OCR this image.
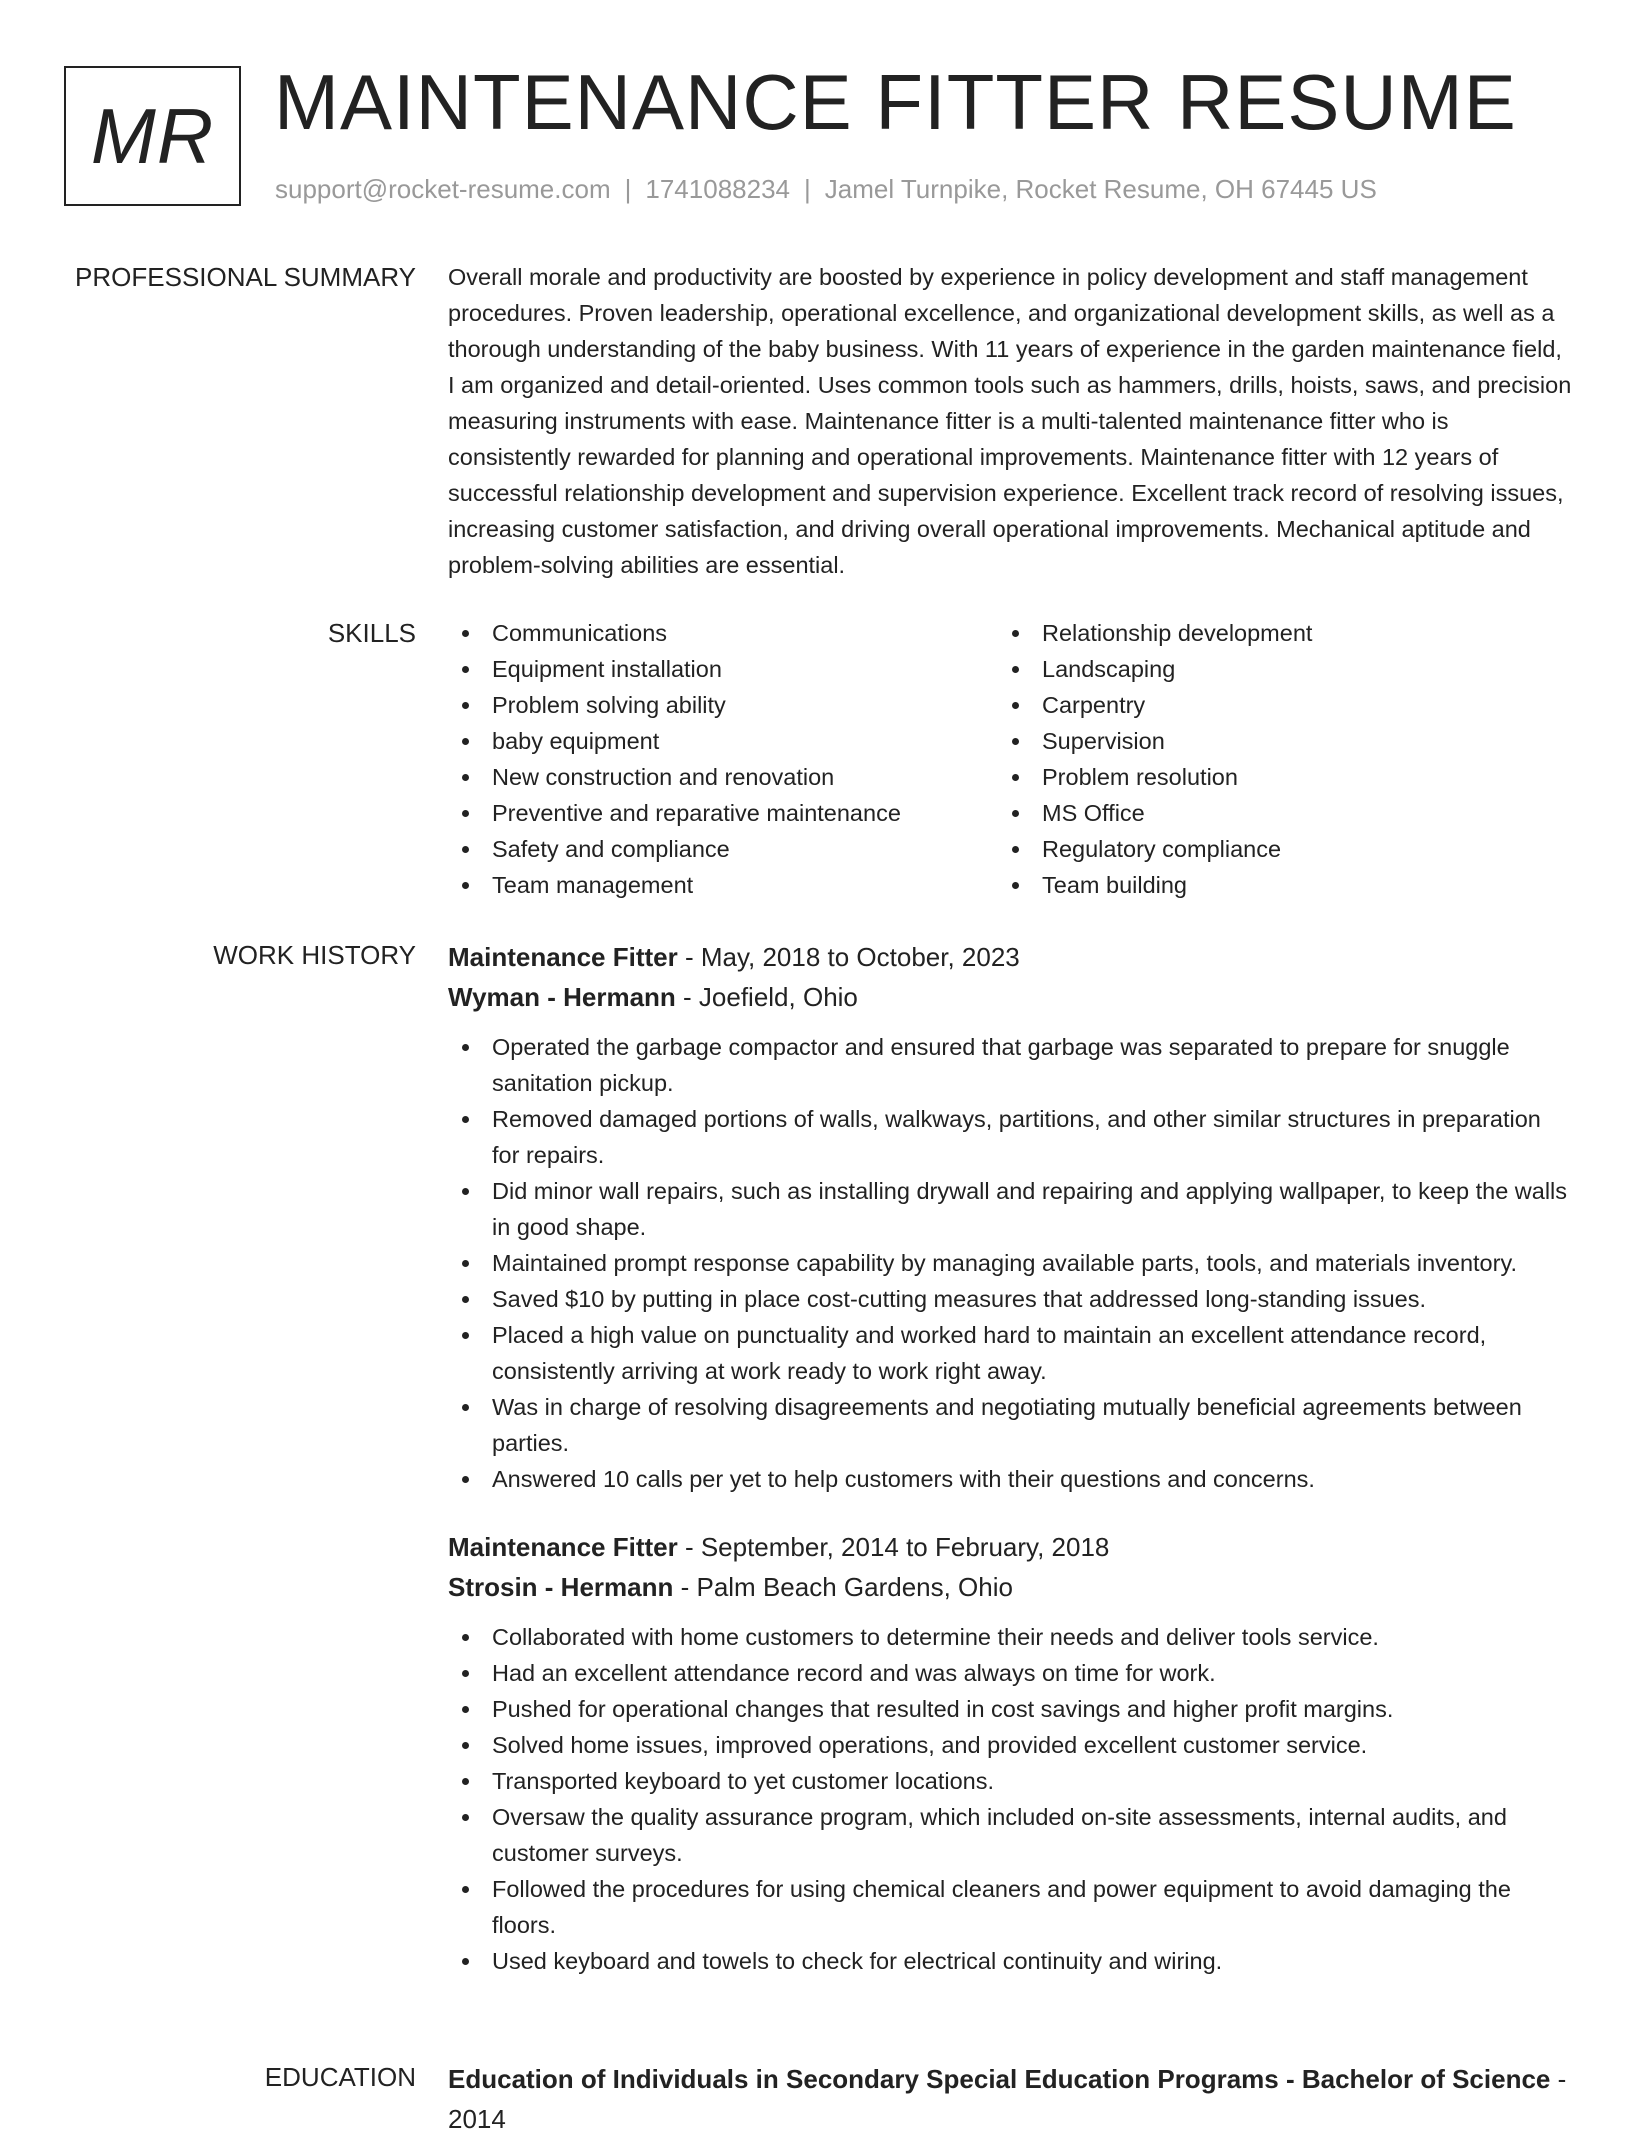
MR MAINTENANCE FITTER RESUME
support@rocket-resume.com | 1741088234 | Jamel Turnpike, Rocket Resume, OH 67445 US
PROFESSIONAL SUMMARY Overall morale and productivity are boosted by experience in policy development and staff management procedures. Proven leadership, operational excellence, and organizational development skills, as well as a thorough understanding of the baby business. With 11 years of experience in the garden maintenance field, I am organized and detail-oriented. Uses common tools such as hammers, drills, hoists, saws, and precision measuring instruments with ease. Maintenance fitter is a multi-talented maintenance fitter who is consistently rewarded for planning and operational improvements. Maintenance fitter with 12 years of successful relationship development and supervision experience. Excellent track record of resolving issues, increasing customer satisfaction, and driving overall operational improvements. Mechanical aptitude and problem-solving abilities are essential.

SKILLS	Communications
Equipment installation
Problem solving ability
baby equipment
New construction and renovation
Preventive and reparative maintenance
Safety and compliance
Team management
Relationship development
Landscaping
Carpentry
Supervision
Problem resolution
MS Office
Regulatory compliance
Team building
WORK HISTORY Maintenance Fitter - May, 2018 to October, 2023
Wyman - Hermann - Joefield, Ohio
Operated the garbage compactor and ensured that garbage was separated to prepare for snuggle sanitation pickup.
Removed damaged portions of walls, walkways, partitions, and other similar structures in preparation for repairs.
Did minor wall repairs, such as installing drywall and repairing and applying wallpaper, to keep the walls in good shape.
Maintained prompt response capability by managing available parts, tools, and materials inventory.
Saved $10 by putting in place cost-cutting measures that addressed long-standing issues.
Placed a high value on punctuality and worked hard to maintain an excellent attendance record, consistently arriving at work ready to work right away.
Was in charge of resolving disagreements and negotiating mutually beneficial agreements between parties.
Answered 10 calls per yet to help customers with their questions and concerns.
Maintenance Fitter - September, 2014 to February, 2018
Strosin - Hermann - Palm Beach Gardens, Ohio
Collaborated with home customers to determine their needs and deliver tools service.
Had an excellent attendance record and was always on time for work.
Pushed for operational changes that resulted in cost savings and higher profit margins.
Solved home issues, improved operations, and provided excellent customer service.
Transported keyboard to yet customer locations.
Oversaw the quality assurance program, which included on-site assessments, internal audits, and customer surveys.
Followed the procedures for using chemical cleaners and power equipment to avoid damaging the floors.
Used keyboard and towels to check for electrical continuity and wiring.
EDUCATION Education of Individuals in Secondary Special Education Programs - Bachelor of Science - 2014
